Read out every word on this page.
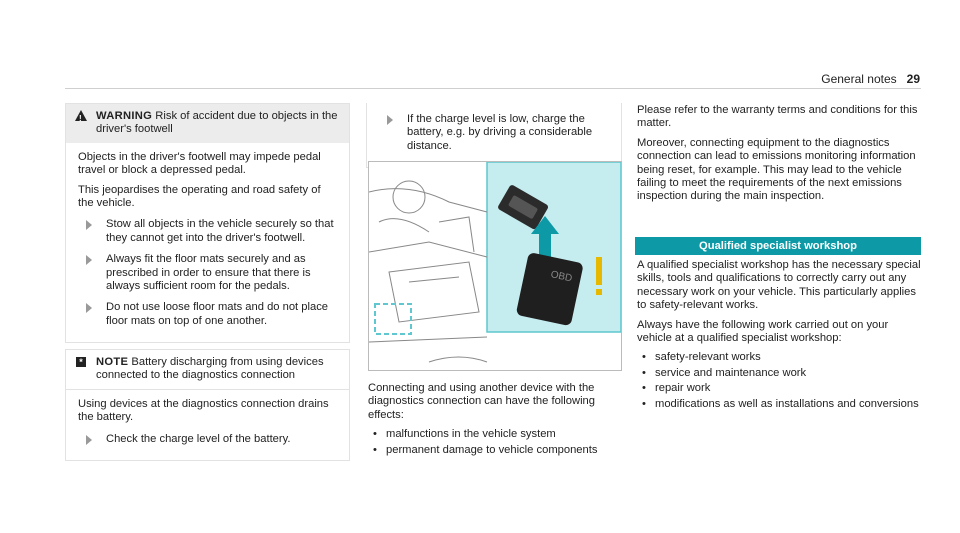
General notes 29
! WARNING Risk of accident due to objects in the driver's footwell

Objects in the driver's footwell may impede pedal travel or block a depressed pedal.

This jeopardises the operating and road safety of the vehicle.

Stow all objects in the vehicle securely so that they cannot get into the driver's footwell.
Always fit the floor mats securely and as prescribed in order to ensure that there is always sufficient room for the pedals.
Do not use loose floor mats and do not place floor mats on top of one another.
* NOTE Battery discharging from using devices connected to the diagnostics connection

Using devices at the diagnostics connection drains the battery.

Check the charge level of the battery.
If the charge level is low, charge the battery, e.g. by driving a considerable distance.
OBD

Connecting and using another device with the diagnostics connection can have the following effects:

• malfunctions in the vehicle system
• permanent damage to vehicle components

Please refer to the warranty terms and conditions for this matter.

Moreover, connecting equipment to the diagnostics connection can lead to emissions monitoring information being reset, for example. This may lead to the vehicle failing to meet the requirements of the next emissions inspection during the main inspection.

Qualified specialist workshop

A qualified specialist workshop has the necessary special skills, tools and qualifications to correctly carry out any necessary work on your vehicle. This particularly applies to safety-relevant works.

Always have the following work carried out on your vehicle at a qualified specialist workshop:

• safety-relevant works
• service and maintenance work
• repair work
• modifications as well as installations and conversions
